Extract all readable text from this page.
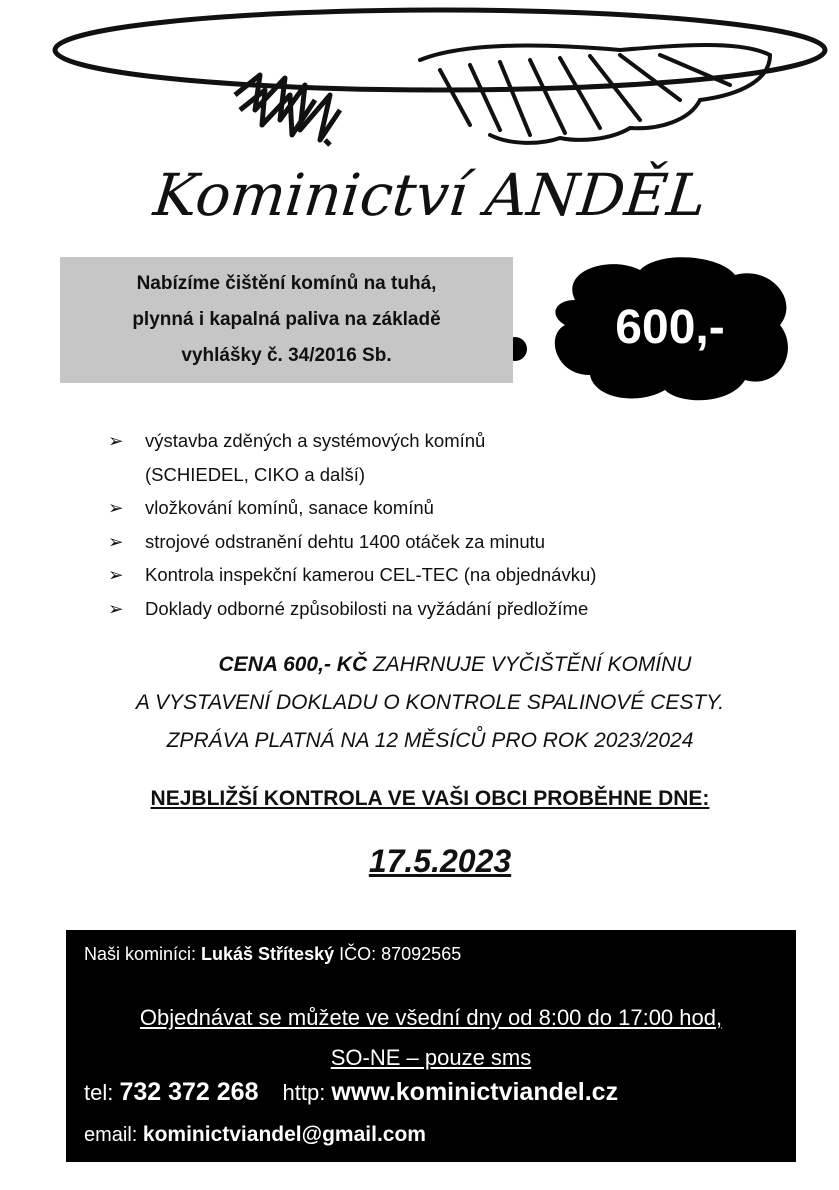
Kominictví ANDĚL

Nabízíme čištění komínů na tuhá,
plynná i kapalná paliva na základě
vyhlášky č. 34/2016 Sb.

600,-
➢	výstavba zděných a systémových komínů
(SCHIEDEL, CIKO a další)
➢	vložkování komínů, sanace komínů
➢	strojové odstranění dehtu 1400 otáček za minutu
➢	Kontrola inspekční kamerou CEL-TEC (na objednávku)
➢	Doklady odborné způsobilosti na vyžádání předložíme
CENA 600,- KČ ZAHRNUJE VYČIŠTĚNÍ KOMÍNU
A VYSTAVENÍ DOKLADU O KONTROLE SPALINOVÉ CESTY.
ZPRÁVA PLATNÁ NA 12 MĚSÍCŮ PRO ROK 2023/2024
NEJBLIŽŠÍ KONTROLA VE VAŠI OBCI PROBĚHNE DNE:
17.5.2023
Naši kominíci: Lukáš Stříteský IČO: 87092565
Objednávat se můžete ve všední dny od 8:00 do 17:00 hod,
SO-NE – pouze sms
tel: 732 372 268 http: www.kominictviandel.cz
email: kominictviandel@gmail.com
